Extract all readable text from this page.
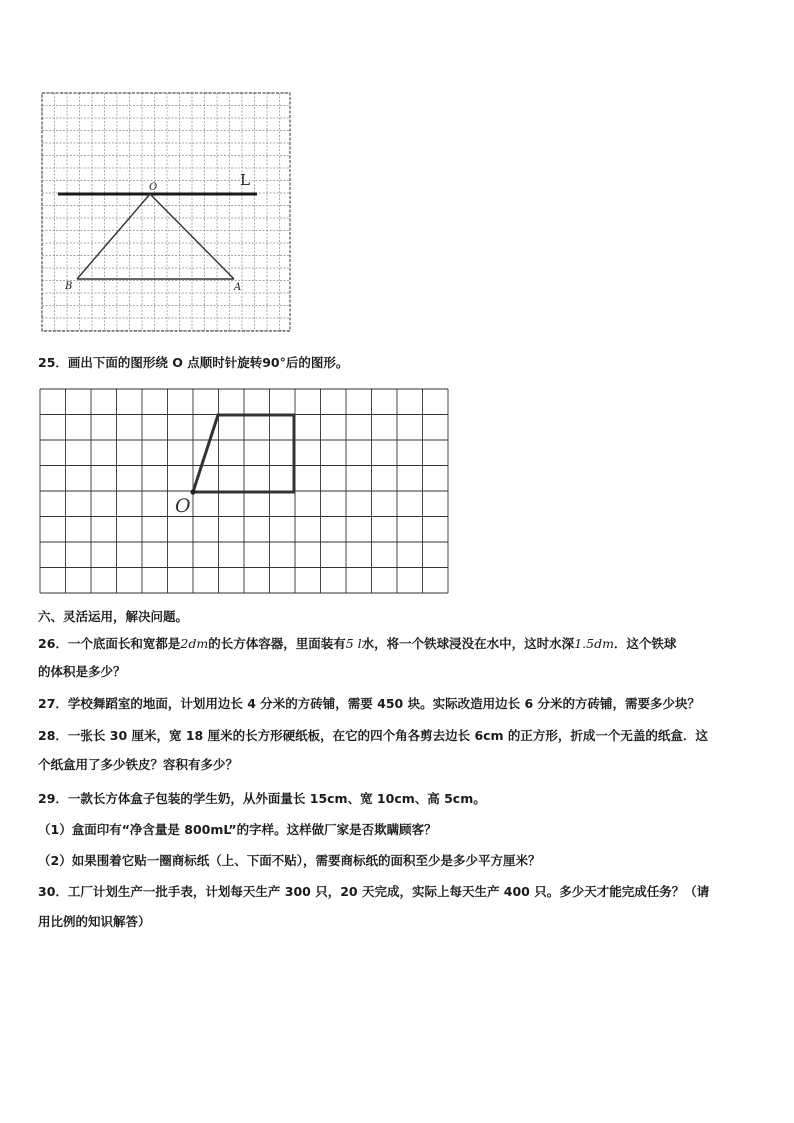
O	L
B	A
25．画出下面的图形绕 O 点顺时针旋转90°后的图形。
O
六、灵活运用，解决问题。
26．一个底面长和宽都是2dm的长方体容器，里面装有5 l水，将一个铁球浸没在水中，这时水深1.5dm．这个铁球
的体积是多少？
27．学校舞蹈室的地面，计划用边长 4 分米的方砖铺，需要 450 块。实际改造用边长 6 分米的方砖铺，需要多少块？
28．一张长 30 厘米，宽 18 厘米的长方形硬纸板，在它的四个角各剪去边长 6cm 的正方形，折成一个无盖的纸盒．这
个纸盒用了多少铁皮？容积有多少？
29．一款长方体盒子包装的学生奶，从外面量长 15cm、宽 10cm、高 5cm。
（1）盒面印有“净含量是 800mL”的字样。这样做厂家是否欺瞒顾客？
（2）如果围着它贴一圈商标纸（上、下面不贴），需要商标纸的面积至少是多少平方厘米？
30．工厂计划生产一批手表，计划每天生产 300 只，20 天完成，实际上每天生产 400 只。多少天才能完成任务？（请
用比例的知识解答）
